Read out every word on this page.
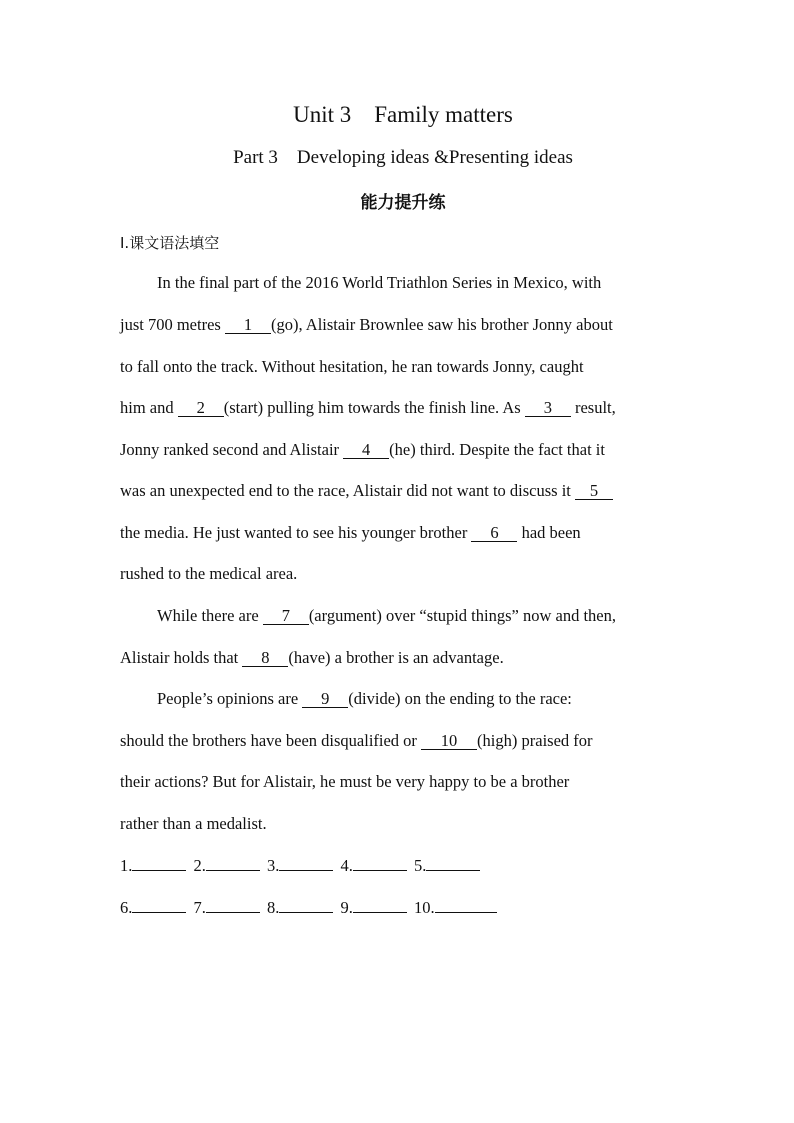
Unit 3    Family matters
Part 3    Developing ideas &Presenting ideas
能力提升练
Ⅰ.课文语法填空
In the final part of the 2016 World Triathlon Series in Mexico, with
just 700 metres 1 (go), Alistair Brownlee saw his brother Jonny about
to fall onto the track. Without hesitation, he ran towards Jonny, caught
him and 2 (start) pulling him towards the finish line. As 3 result,
Jonny ranked second and Alistair 4 (he) third. Despite the fact that it
was an unexpected end to the race, Alistair did not want to discuss it 5
the media. He just wanted to see his younger brother 6 had been
rushed to the medical area.
While there are 7 (argument) over “stupid things” now and then,
Alistair holds that 8 (have) a brother is an advantage.
People’s opinions are 9 (divide) on the ending to the race:
should the brothers have been disqualified or 10 (high) praised for
their actions? But for Alistair, he must be very happy to be a brother
rather than a medalist.
1.	2.	3.	4.	5.
6.	7.	8.	9.	10.
